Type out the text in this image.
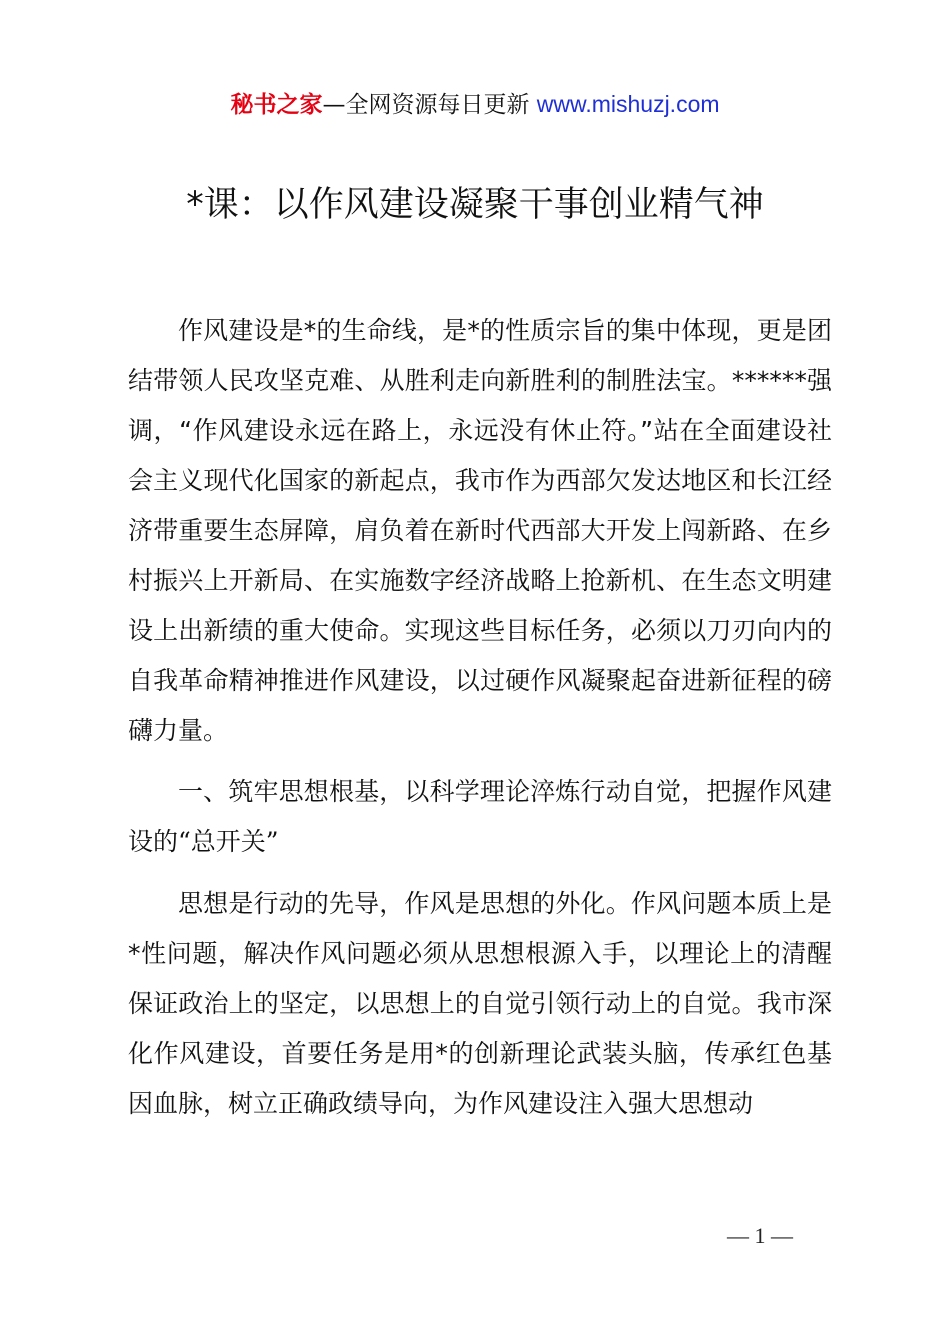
秘书之家—全网资源每日更新 www.mishuzj.com
*课：以作风建设凝聚干事创业精气神

作风建设是*的生命线，是*的性质宗旨的集中体现，更是团结带领人民攻坚克难、从胜利走向新胜利的制胜法宝。******强调，“作风建设永远在路上，永远没有休止符。”站在全面建设社会主义现代化国家的新起点，我市作为西部欠发达地区和长江经济带重要生态屏障，肩负着在新时代西部大开发上闯新路、在乡村振兴上开新局、在实施数字经济战略上抢新机、在生态文明建设上出新绩的重大使命。实现这些目标任务，必须以刀刃向内的自我革命精神推进作风建设，以过硬作风凝聚起奋进新征程的磅礴力量。

一、筑牢思想根基，以科学理论淬炼行动自觉，把握作风建设的“总开关”

思想是行动的先导，作风是思想的外化。作风问题本质上是*性问题，解决作风问题必须从思想根源入手，以理论上的清醒保证政治上的坚定，以思想上的自觉引领行动上的自觉。我市深化作风建设，首要任务是用*的创新理论武装头脑，传承红色基因血脉，树立正确政绩导向，为作风建设注入强大思想动

— 1 —
